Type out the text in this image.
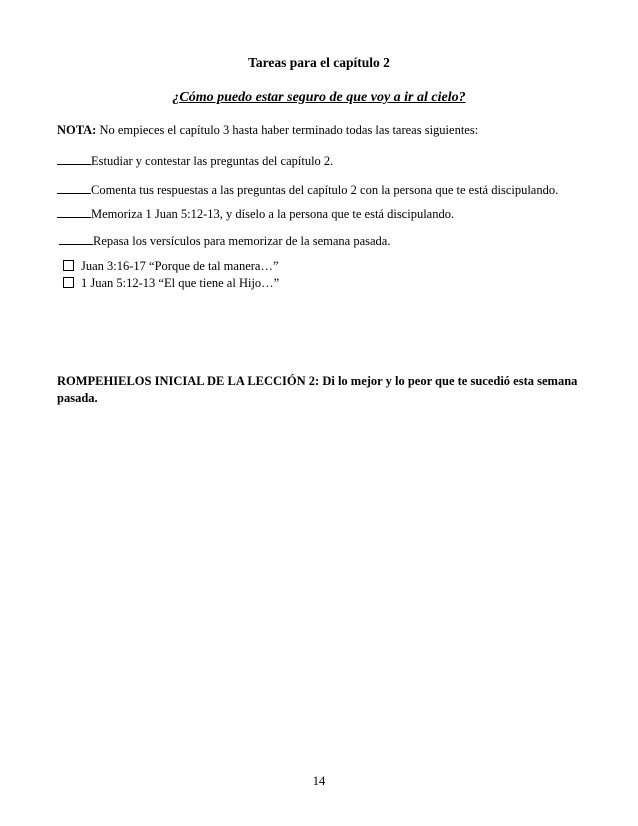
Tareas para el capítulo 2
¿Cómo puedo estar seguro de que voy a ir al cielo?
NOTA: No empieces el capítulo 3 hasta haber terminado todas las tareas siguientes:
Estudiar y contestar las preguntas del capítulo 2.
Comenta tus respuestas a las preguntas del capítulo 2 con la persona que te está discipulando.
Memoriza 1 Juan 5:12-13, y díselo a la persona que te está discipulando.
Repasa los versículos para memorizar de la semana pasada.
Juan 3:16-17 “Porque de tal manera…”
1 Juan 5:12-13 “El que tiene al Hijo…”
ROMPEHIELOS INICIAL DE LA LECCIÓN 2: Di lo mejor y lo peor que te sucedió esta semana pasada.
14
